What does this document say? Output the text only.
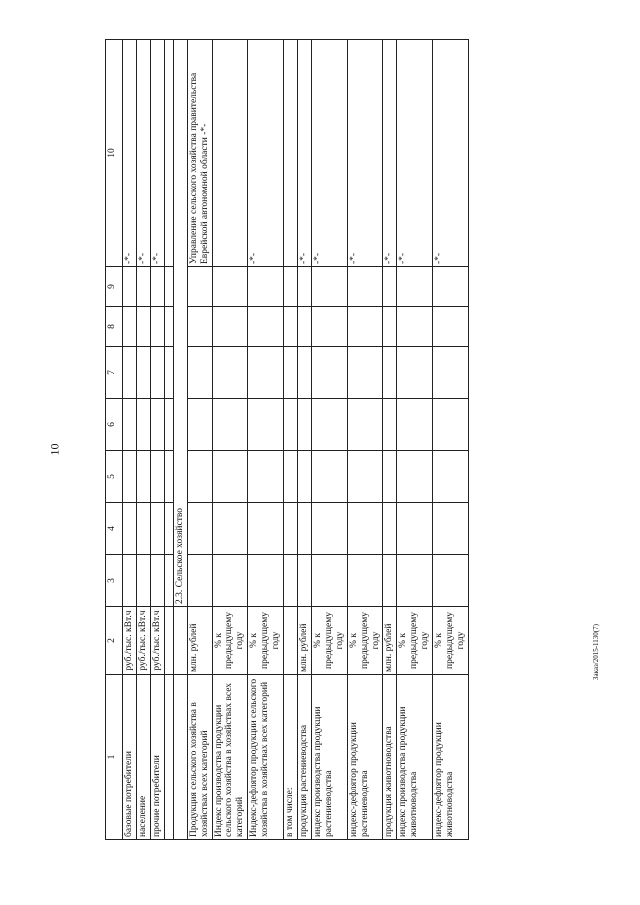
10
Заказ/2015-1130(7)
1	2	3	4	5	6	7	8	9	10
базовые потребители	руб./тыс. кВт.ч								-*-
население	руб./тыс. кВт.ч								-*-
прочие потребители	руб./тыс. кВт.ч								-*-

		2.3. Сельское хозяйство							
Продукция сельского хозяйства в хозяйствах всех категорий	млн. рублей								Управление сельского хозяйства правительства Еврейской автономной области -*-
Индекс производства продукции сельского хозяйства в хозяйствах всех категорий	% к предыдущему году								
Индекс-дефлятор продукции сельского хозяйства в хозяйствах всех категорий	% к предыдущему году								-*-
в том числе:									
продукция растениеводства	млн. рублей								-*-
индекс производства продукции растениеводства	% к предыдущему году								-*-
индекс-дефлятор продукции растениеводства	% к предыдущему году								-*-
продукция животноводства	млн. рублей								-*-
индекс производства продукции животноводства	% к предыдущему году								-*-
индекс-дефлятор продукции животноводства	% к предыдущему году								-*-
